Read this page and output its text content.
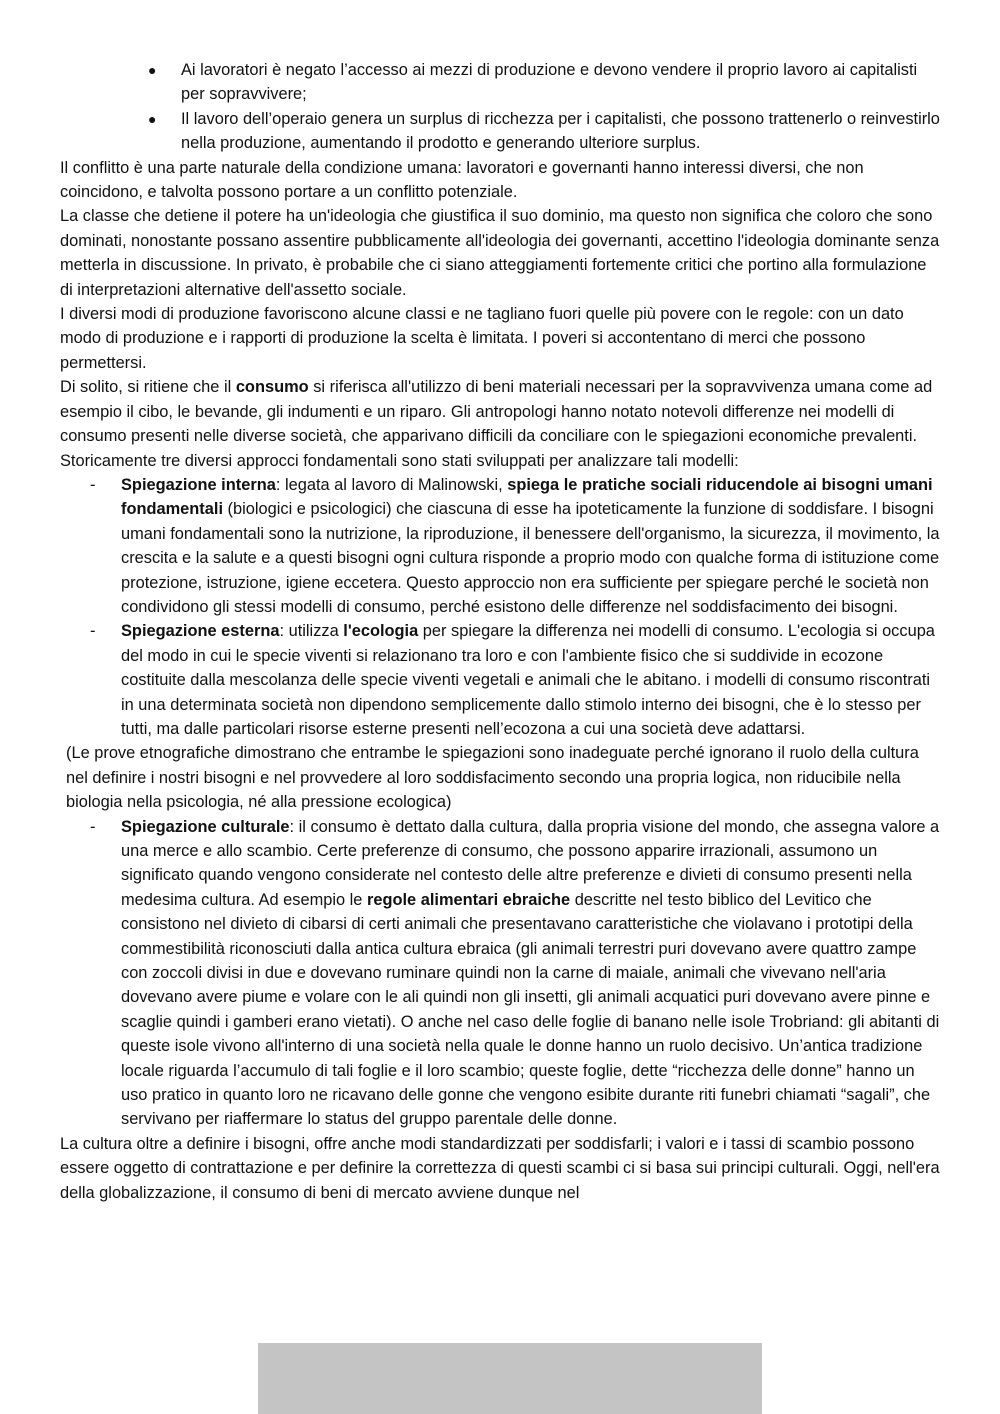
● Ai lavoratori è negato l’accesso ai mezzi di produzione e devono vendere il proprio lavoro ai capitalisti per sopravvivere;
● Il lavoro dell’operaio genera un surplus di ricchezza per i capitalisti, che possono trattenerlo o reinvestirlo nella produzione, aumentando il prodotto e generando ulteriore surplus.

Il conflitto è una parte naturale della condizione umana: lavoratori e governanti hanno interessi diversi, che non coincidono, e talvolta possono portare a un conflitto potenziale.

La classe che detiene il potere ha un'ideologia che giustifica il suo dominio, ma questo non significa che coloro che sono dominati, nonostante possano assentire pubblicamente all'ideologia dei governanti, accettino l'ideologia dominante senza metterla in discussione. In privato, è probabile che ci siano atteggiamenti fortemente critici che portino alla formulazione di interpretazioni alternative dell'assetto sociale.

I diversi modi di produzione favoriscono alcune classi e ne tagliano fuori quelle più povere con le regole: con un dato modo di produzione e i rapporti di produzione la scelta è limitata. I poveri si accontentano di merci che possono permettersi.

Di solito, si ritiene che il consumo si riferisca all'utilizzo di beni materiali necessari per la sopravvivenza umana come ad esempio il cibo, le bevande, gli indumenti e un riparo. Gli antropologi hanno notato notevoli differenze nei modelli di consumo presenti nelle diverse società, che apparivano difficili da conciliare con le spiegazioni economiche prevalenti. Storicamente tre diversi approcci fondamentali sono stati sviluppati per analizzare tali modelli:

- Spiegazione interna: legata al lavoro di Malinowski, spiega le pratiche sociali riducendole ai bisogni umani fondamentali (biologici e psicologici) che ciascuna di esse ha ipoteticamente la funzione di soddisfare. I bisogni umani fondamentali sono la nutrizione, la riproduzione, il benessere dell'organismo, la sicurezza, il movimento, la crescita e la salute e a questi bisogni ogni cultura risponde a proprio modo con qualche forma di istituzione come protezione, istruzione, igiene eccetera. Questo approccio non era sufficiente per spiegare perché le società non condividono gli stessi modelli di consumo, perché esistono delle differenze nel soddisfacimento dei bisogni.
- Spiegazione esterna: utilizza l'ecologia per spiegare la differenza nei modelli di consumo. L'ecologia si occupa del modo in cui le specie viventi si relazionano tra loro e con l'ambiente fisico che si suddivide in ecozone costituite dalla mescolanza delle specie viventi vegetali e animali che le abitano. i modelli di consumo riscontrati in una determinata società non dipendono semplicemente dallo stimolo interno dei bisogni, che è lo stesso per tutti, ma dalle particolari risorse esterne presenti nell’ecozona a cui una società deve adattarsi.

(Le prove etnografiche dimostrano che entrambe le spiegazioni sono inadeguate perché ignorano il ruolo della cultura nel definire i nostri bisogni e nel provvedere al loro soddisfacimento secondo una propria logica, non riducibile nella biologia nella psicologia, né alla pressione ecologica)

- Spiegazione culturale: il consumo è dettato dalla cultura, dalla propria visione del mondo, che assegna valore a una merce e allo scambio. Certe preferenze di consumo, che possono apparire irrazionali, assumono un significato quando vengono considerate nel contesto delle altre preferenze e divieti di consumo presenti nella medesima cultura. Ad esempio le regole alimentari ebraiche descritte nel testo biblico del Levitico che consistono nel divieto di cibarsi di certi animali che presentavano caratteristiche che violavano i prototipi della commestibilità riconosciuti dalla antica cultura ebraica (gli animali terrestri puri dovevano avere quattro zampe con zoccoli divisi in due e dovevano ruminare quindi non la carne di maiale, animali che vivevano nell'aria dovevano avere piume e volare con le ali quindi non gli insetti, gli animali acquatici puri dovevano avere pinne e scaglie quindi i gamberi erano vietati). O anche nel caso delle foglie di banano nelle isole Trobriand: gli abitanti di queste isole vivono all'interno di una società nella quale le donne hanno un ruolo decisivo. Un’antica tradizione locale riguarda l’accumulo di tali foglie e il loro scambio; queste foglie, dette “ricchezza delle donne” hanno un uso pratico in quanto loro ne ricavano delle gonne che vengono esibite durante riti funebri chiamati “sagali”, che servivano per riaffermare lo status del gruppo parentale delle donne.

La cultura oltre a definire i bisogni, offre anche modi standardizzati per soddisfarli; i valori e i tassi di scambio possono essere oggetto di contrattazione e per definire la correttezza di questi scambi ci si basa sui principi culturali. Oggi, nell'era della globalizzazione, il consumo di beni di mercato avviene dunque nel
